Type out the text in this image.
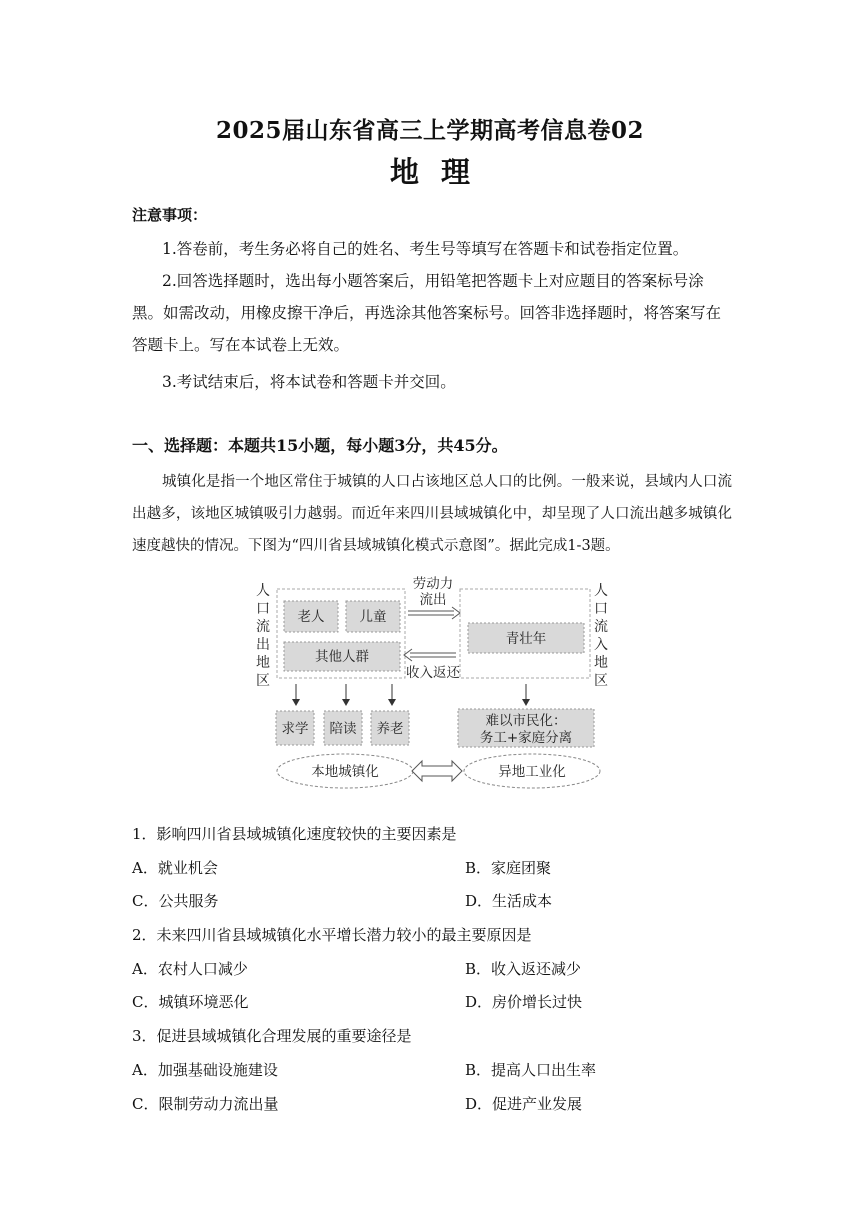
2025届山东省高三上学期高考信息卷02
地理
注意事项：
1.答卷前，考生务必将自己的姓名、考生号等填写在答题卡和试卷指定位置。
2.回答选择题时，选出每小题答案后，用铅笔把答题卡上对应题目的答案标号涂黑。如需改动，用橡皮擦干净后，再选涂其他答案标号。回答非选择题时，将答案写在答题卡上。写在本试卷上无效。
3.考试结束后，将本试卷和答题卡并交回。
一、选择题：本题共15小题，每小题3分，共45分。
城镇化是指一个地区常住于城镇的人口占该地区总人口的比例。一般来说，县域内人口流出越多，该地区城镇吸引力越弱。而近年来四川县域城镇化中，却呈现了人口流出越多城镇化速度越快的情况。下图为“四川省县域城镇化模式示意图”。据此完成1-3题。
人
口
流
出
地
区
人
口
流
入
地
区
老人	儿童
其他人群
青壮年
劳动力
流出
收入返还
求学 陪读 养老	难以市民化：
务工+家庭分离
本地城镇化	异地工业化
1．影响四川省县域城镇化速度较快的主要因素是
A．就业机会	B．家庭团聚
C．公共服务	D．生活成本
2．未来四川省县域城镇化水平增长潜力较小的最主要原因是
A．农村人口减少	B．收入返还减少
C．城镇环境恶化	D．房价增长过快
3．促进县域城镇化合理发展的重要途径是
A．加强基础设施建设	B．提高人口出生率
C．限制劳动力流出量	D．促进产业发展
